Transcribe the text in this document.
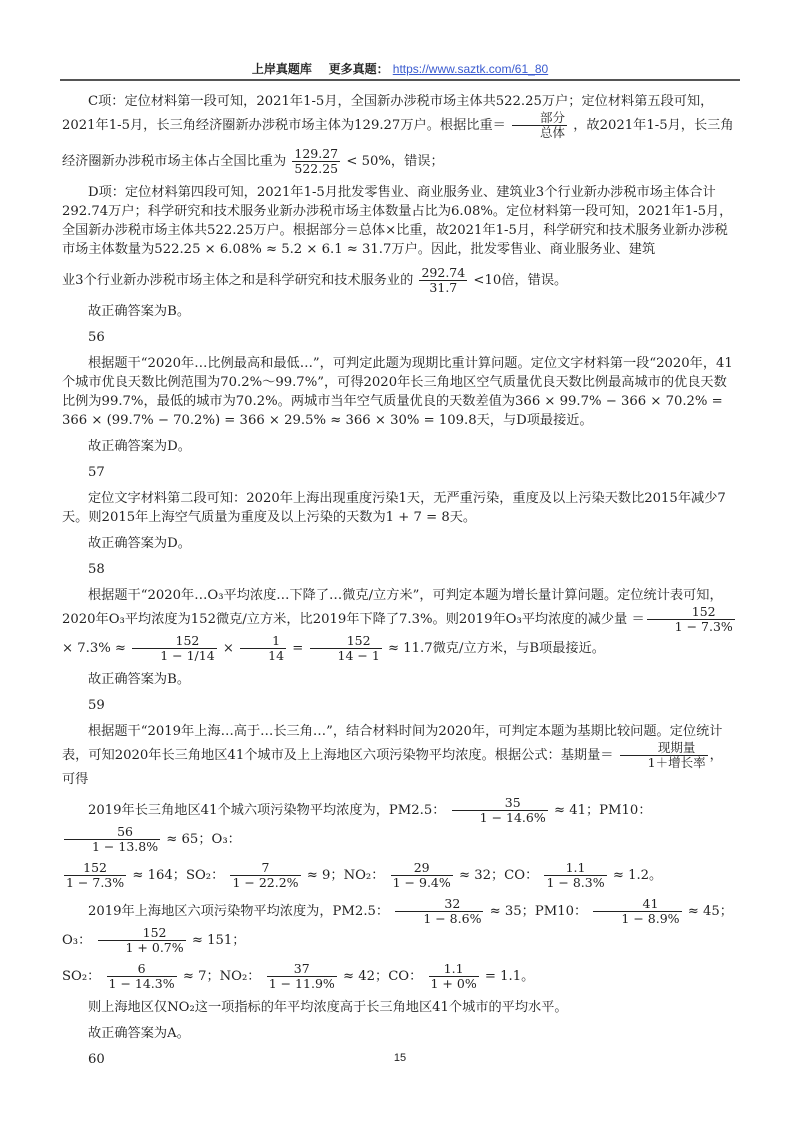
上岸真题库 更多真题： https://www.saztk.com/61_80

C项：定位材料第一段可知，2021年1-5月，全国新办涉税市场主体共522.25万户；定位材料第五段可知，2021年1-5月，长三角经济圈新办涉税市场主体为129.27万户。根据比重＝ $\frac{\text{部分}}{\text{总体}}$ ，故2021年1-5月，长三角

经济圈新办涉税市场主体占全国比重为 $\frac{129.27}{522.25} < 50\%$，错误；

D项：定位材料第四段可知，2021年1-5月批发零售业、商业服务业、建筑业3个行业新办涉税市场主体合计292.74万户；科学研究和技术服务业新办涉税市场主体数量占比为6.08%。定位材料第一段可知，2021年1-5月，全国新办涉税市场主体共522.25万户。根据部分＝总体×比重，故2021年1-5月，科学研究和技术服务业新办涉税市场主体数量为522.25 × 6.08% ≈ 5.2 × 6.1 ≈ 31.7万户。因此，批发零售业、商业服务业、建筑

业3个行业新办涉税市场主体之和是科学研究和技术服务业的 $\frac{292.74}{31.7} <10$倍，错误。

故正确答案为B。

56

根据题干“2020年…比例最高和最低…”，可判定此题为现期比重计算问题。定位文字材料第一段“2020年，41个城市优良天数比例范围为70.2%～99.7%”，可得2020年长三角地区空气质量优良天数比例最高城市的优良天数比例为99.7%，最低的城市为70.2%。两城市当年空气质量优良的天数差值为366 × 99.7% − 366 × 70.2% = 366 × (99.7% − 70.2%) = 366 × 29.5% ≈ 366 × 30% = 109.8天，与D项最接近。

故正确答案为D。

57

定位文字材料第二段可知：2020年上海出现重度污染1天，无严重污染，重度及以上污染天数比2015年减少7天。则2015年上海空气质量为重度及以上污染的天数为1 + 7 = 8天。

故正确答案为D。

58

根据题干“2020年…O₃平均浓度…下降了…微克/立方米”，可判定本题为增长量计算问题。定位统计表可知，2020年O₃平均浓度为152微克/立方米，比2019年下降了7.3%。则2019年O₃平均浓度的减少量 ＝ $\frac{152}{1 - 7.3\%}$
× $7.3\% \approx \frac{152}{1 - 1/14} \times \frac{1}{14} = \frac{152}{14 - 1} \approx 11.7$微克/立方米，与B项最接近。

故正确答案为B。

59

根据题干“2019年上海…高于…长三角…”，结合材料时间为2020年，可判定本题为基期比较问题。定位统计表，可知2020年长三角地区41个城市及上上海地区六项污染物平均浓度。根据公式：基期量＝ $\frac{\text{现期量}}{\text{1＋增长率}}$ ，
可得

2019年长三角地区41个城六项污染物平均浓度为，PM2.5： $\frac{35}{1 - 14.6\%} \approx 41$；PM10：
$\frac{56}{1 - 13.8\%} \approx 65$；O₃：

$\frac{152}{1 - 7.3\%} \approx 164$；SO₂： $\frac{7}{1 - 22.2\%} \approx 9$；NO₂： $\frac{29}{1 - 9.4\%} \approx 32$；CO： $\frac{1.1}{1 - 8.3\%} \approx 1.2$。

2019年上海地区六项污染物平均浓度为，PM2.5： $\frac{32}{1 - 8.6\%} \approx 35$；PM10： $\frac{41}{1 - 8.9\%} \approx 45$；O₃： $\frac{152}{1 + 0.7\%} \approx 151$；

SO₂： $\frac{6}{1 - 14.3\%} \approx 7$；NO₂： $\frac{37}{1 - 11.9\%} \approx 42$；CO： $\frac{1.1}{1 + 0\%} = 1.1$。

则上海地区仅NO₂这一项指标的年平均浓度高于长三角地区41个城市的平均水平。

故正确答案为A。

60	15
